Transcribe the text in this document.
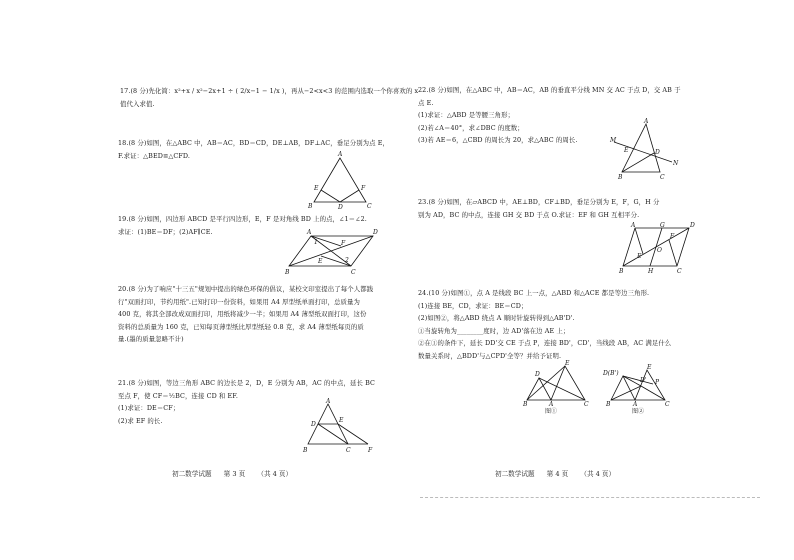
17.(8 分)先化简：x²+x / x²−2x+1 ÷ ( 2/x−1 − 1/x )，再从−2<x<3 的范围内选取一个你喜欢的 x
值代入求值.
18.(8 分)如图，在△ABC 中，AB＝AC，BD＝CD，DE⊥AB，DF⊥AC，垂足分别为点 E，
F.求证：△BED≌△CFD.	A
B	C
D
E	F
19.(8 分)如图，四边形 ABCD 是平行四边形，E，F 是对角线 BD 上的点，∠1＝∠2.
求证：(1)BE＝DF；(2)AF∥CE.	A	D
B	C
E
F
1
2
20.(8 分)为了响应"十三五"规划中提出的绿色环保的倡议，某校文印室提出了每个人都践
行"双面打印，节约用纸".已知打印一份资料，如果用 A4 厚型纸单面打印，总质量为
400 克，将其全部改成双面打印，用纸将减少一半；如果用 A4 薄型纸双面打印，这份
资料的总质量为 160 克，已知每页薄型纸比厚型纸轻 0.8 克，求 A4 薄型纸每页的质
量.(墨的质量忽略不计)
21.(8 分)如图，等边三角形 ABC 的边长是 2，D，E 分别为 AB，AC 的中点，延长 BC
至点 F，使 CF＝½BC，连接 CD 和 EF.
(1)求证：DE＝CF；
(2)求 EF 的长.
A
B	C
D
E
F
初二数学试题 第 3 页 （共 4 页）
22.(8 分)如图，在△ABC 中，AB＝AC，AB 的垂直平分线 MN 交 AC 于点 D，交 AB 于
点 E.
(1)求证：△ABD 是等腰三角形；
(2)若∠A＝40°，求∠DBC 的度数；
(3)若 AE＝6，△CBD 的周长为 20，求△ABC 的周长.
A
M
E	D
N
B	C
23.(8 分)如图，在▱ABCD 中，AE⊥BD，CF⊥BD，垂足分别为 E，F，G，H 分
别为 AD，BC 的中点，连接 GH 交 BD 于点 O.求证：EF 和 GH 互相平分.
A	G	D
B	H	C
E
F
O
24.(10 分)如图①，点 A 是线段 BC 上一点，△ABD 和△ACE 都是等边三角形.
(1)连接 BE，CD，求证：BE＝CD；
(2)如图②，将△ABD 绕点 A 顺时针旋转得到△AB'D'.
①当旋转角为________度时，边 AD'落在边 AE 上；
②在①的条件下，延长 DD'交 CE 于点 P，连接 BD'，CD'，当线段 AB，AC 满足什么
数量关系时，△BDD'与△CPD'全等？并给予证明.
D
E
B	A	C
图①
D(B')
D'
E
P
B	A	C
图②
初二数学试题 第 4 页 （共 4 页）
